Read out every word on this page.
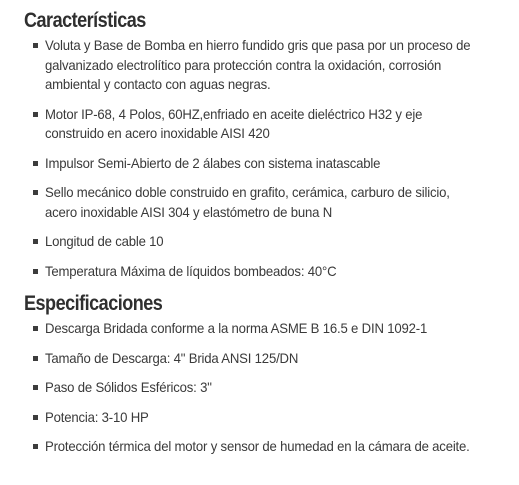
Características
Voluta y Base de Bomba en hierro fundido gris que pasa por un proceso de galvanizado electrolítico para protección contra la oxidación, corrosión ambiental y contacto con aguas negras.
Motor IP-68, 4 Polos, 60HZ,enfriado en aceite dieléctrico H32 y eje construido en acero inoxidable AISI 420
Impulsor Semi-Abierto de 2 álabes con sistema inatascable
Sello mecánico doble construido en grafito, cerámica, carburo de silicio, acero inoxidable AISI 304 y elastómetro de buna N
Longitud de cable 10
Temperatura Máxima de líquidos bombeados: 40°C
Especificaciones
Descarga Bridada conforme a la norma ASME B 16.5 e DIN 1092-1
Tamaño de Descarga: 4" Brida ANSI 125/DN
Paso de Sólidos Esféricos: 3"
Potencia: 3-10 HP
Protección térmica del motor y sensor de humedad en la cámara de aceite.
